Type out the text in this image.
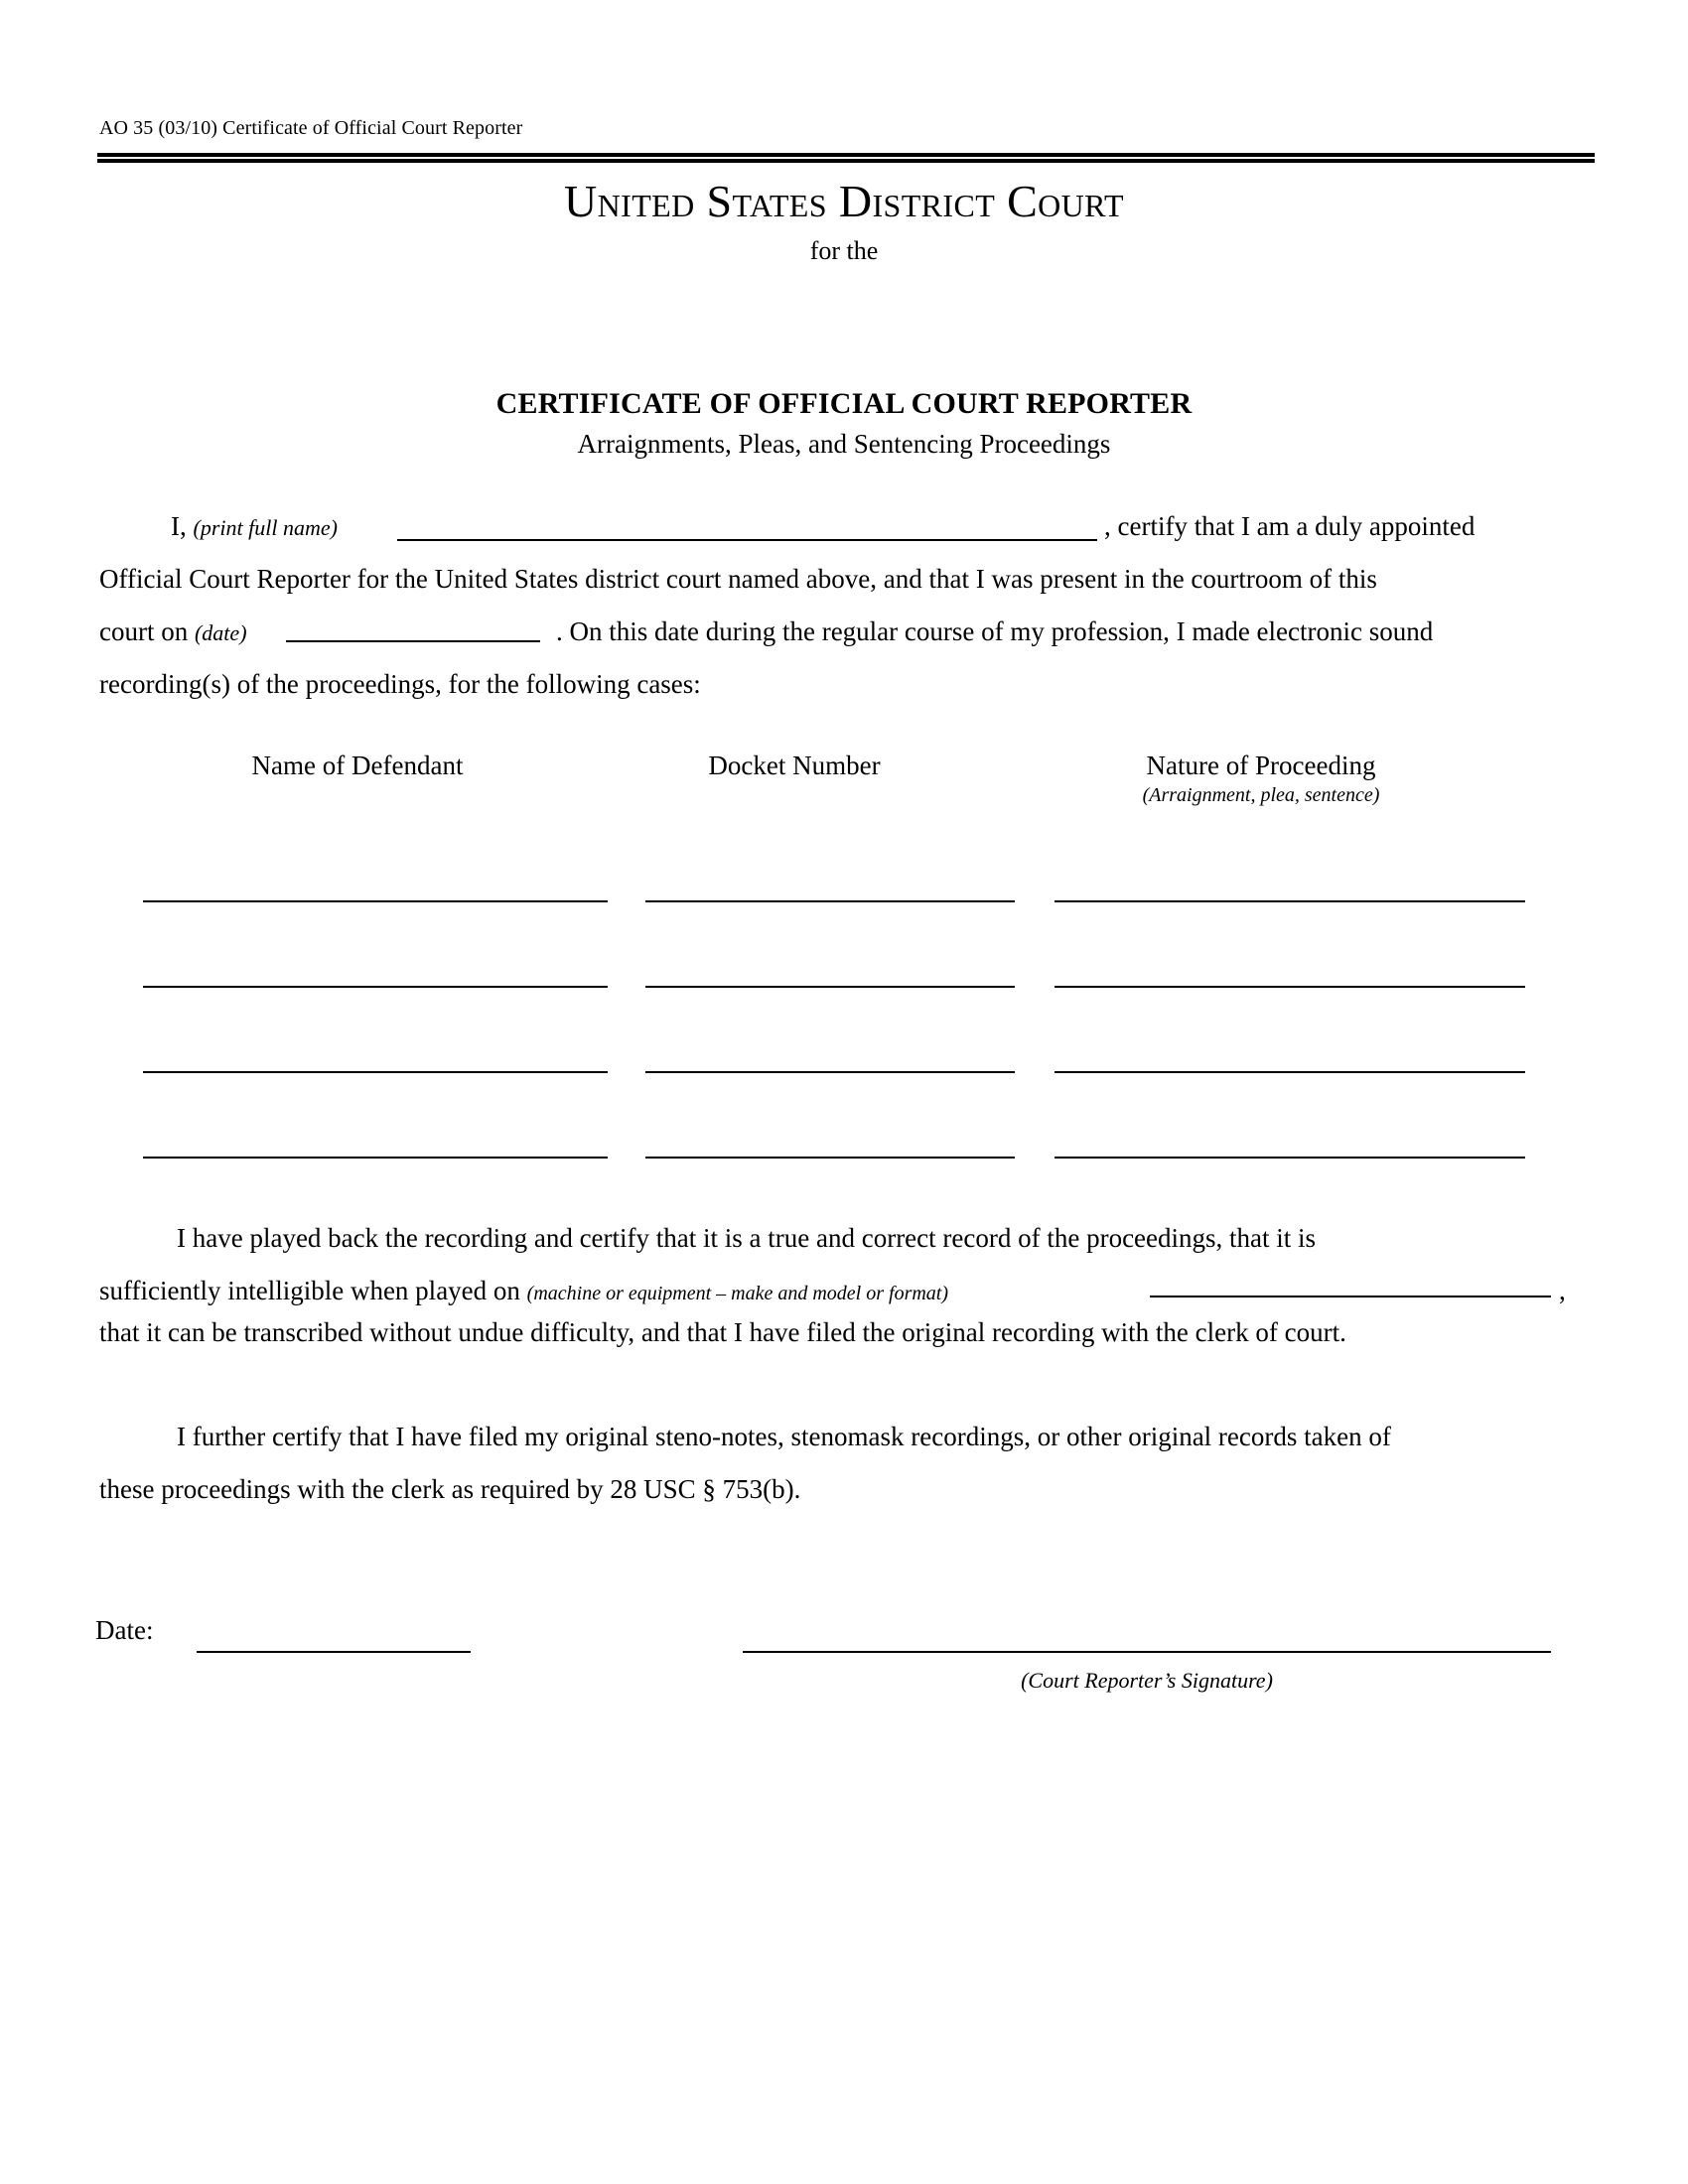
AO 35 (03/10) Certificate of Official Court Reporter
United States District Court
for the
CERTIFICATE OF OFFICIAL COURT REPORTER
Arraignments, Pleas, and Sentencing Proceedings
I, (print full name)	, certify that I am a duly appointed
Official Court Reporter for the United States district court named above, and that I was present in the courtroom of this
court on (date)	. On this date during the regular course of my profession, I made electronic sound
recording(s) of the proceedings, for the following cases:
Name of Defendant	Docket Number	Nature of Proceeding
(Arraignment, plea, sentence)
I have played back the recording and certify that it is a true and correct record of the proceedings, that it is
sufficiently intelligible when played on (machine or equipment – make and model or format)	,
that it can be transcribed without undue difficulty, and that I have filed the original recording with the clerk of court.
I further certify that I have filed my original steno-notes, stenomask recordings, or other original records taken of
these proceedings with the clerk as required by 28 USC § 753(b).
Date:
(Court Reporter’s Signature)
